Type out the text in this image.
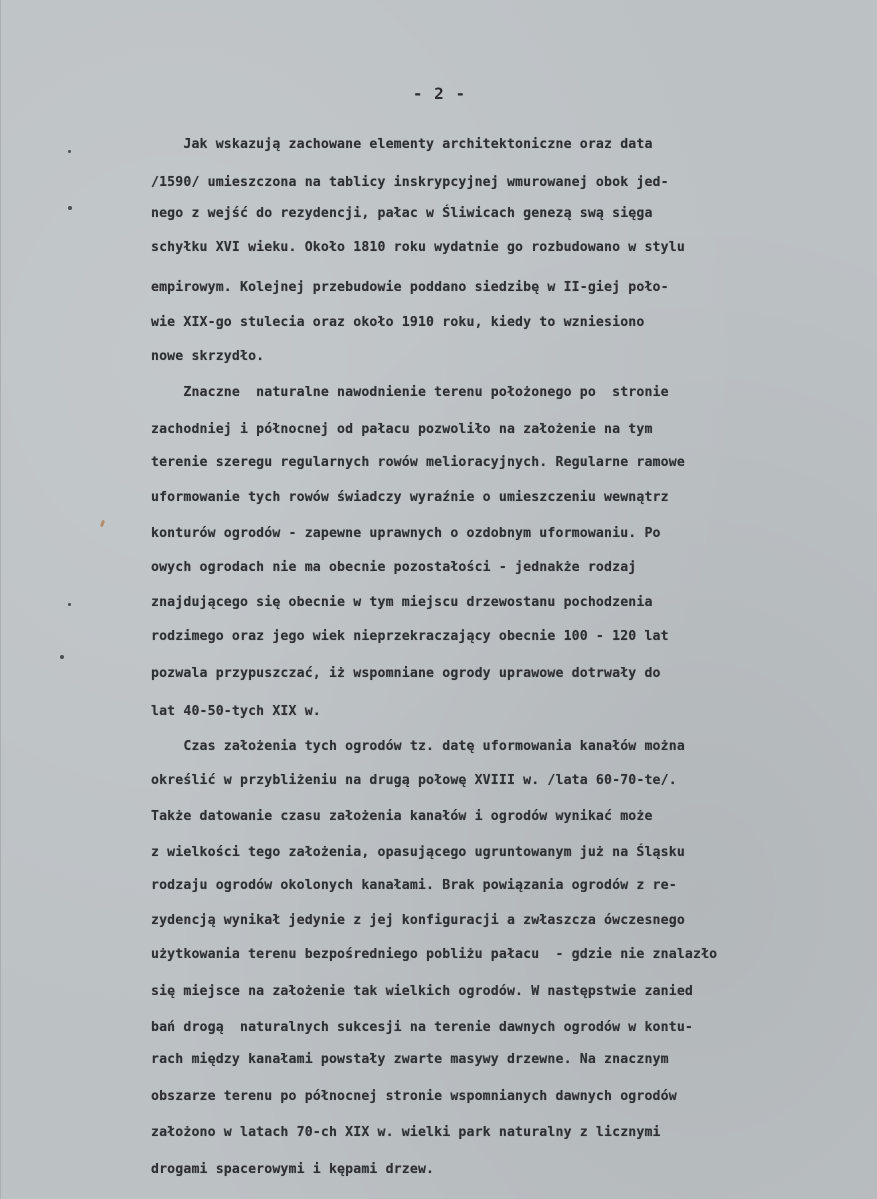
- 2 -
Jak wskazują zachowane elementy architektoniczne oraz data
/1590/ umieszczona na tablicy inskrypcyjnej wmurowanej obok jed-
nego z wejść do rezydencji, pałac w Śliwicach genezą swą sięga
schyłku XVI wieku. Około 1810 roku wydatnie go rozbudowano w stylu
empirowym. Kolejnej przebudowie poddano siedzibę w II-giej poło-
wie XIX-go stulecia oraz około 1910 roku, kiedy to wzniesiono
nowe skrzydło.
Znaczne  naturalne nawodnienie terenu położonego po  stronie
zachodniej i północnej od pałacu pozwoliło na założenie na tym
terenie szeregu regularnych rowów melioracyjnych. Regularne ramowe
uformowanie tych rowów świadczy wyraźnie o umieszczeniu wewnątrz
konturów ogrodów - zapewne uprawnych o ozdobnym uformowaniu. Po
owych ogrodach nie ma obecnie pozostałości - jednakże rodzaj
znajdującego się obecnie w tym miejscu drzewostanu pochodzenia
rodzimego oraz jego wiek nieprzekraczający obecnie 100 - 120 lat
pozwala przypuszczać, iż wspomniane ogrody uprawowe dotrwały do
lat 40-50-tych XIX w.
Czas założenia tych ogrodów tz. datę uformowania kanałów można
określić w przybliżeniu na drugą połowę XVIII w. /lata 60-70-te/.
Także datowanie czasu założenia kanałów i ogrodów wynikać może
z wielkości tego założenia, opasującego ugruntowanym już na Śląsku
rodzaju ogrodów okolonych kanałami. Brak powiązania ogrodów z re-
zydencją wynikał jedynie z jej konfiguracji a zwłaszcza ówczesnego
użytkowania terenu bezpośredniego pobliżu pałacu  - gdzie nie znalazło
się miejsce na założenie tak wielkich ogrodów. W następstwie zanied
bań drogą  naturalnych sukcesji na terenie dawnych ogrodów w kontu-
rach między kanałami powstały zwarte masywy drzewne. Na znacznym
obszarze terenu po północnej stronie wspomnianych dawnych ogrodów
założono w latach 70-ch XIX w. wielki park naturalny z licznymi
drogami spacerowymi i kępami drzew.
